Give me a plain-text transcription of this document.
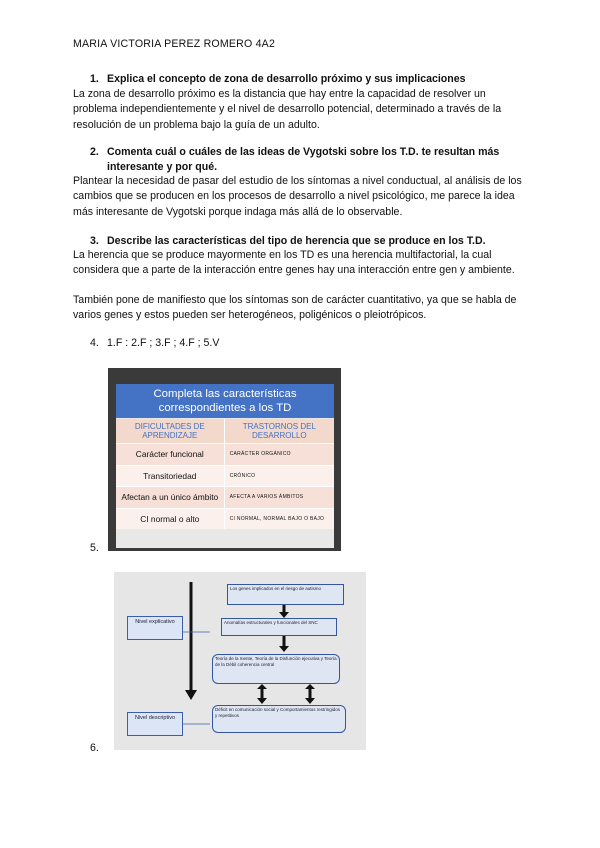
MARIA VICTORIA PEREZ ROMERO 4A2
1. Explica el concepto de zona de desarrollo próximo y sus implicaciones
La zona de desarrollo próximo es la distancia que hay entre la capacidad de resolver un problema independientemente y el nivel de desarrollo potencial, determinado a través de la resolución de un problema bajo la guía de un adulto.
2. Comenta cuál o cuáles de las ideas de Vygotski sobre los T.D. te resultan más interesante y por qué.
Plantear la necesidad de pasar del estudio de los síntomas a nivel conductual, al análisis de los cambios que se producen en los procesos de desarrollo a nivel psicológico, me parece la idea más interesante de Vygotski porque indaga más allá de lo observable.
3. Describe las características del tipo de herencia que se produce en los T.D.
La herencia que se produce mayormente en los TD es una herencia multifactorial, la cual considera que a parte de la interacción entre genes hay una interacción entre gen y ambiente.
También pone de manifiesto que los síntomas son de carácter cuantitativo, ya que se habla de varios genes y estos pueden ser heterogéneos, poligénicos o pleiotrópicos.
4. 1.F : 2.F ; 3.F ; 4.F ; 5.V
5.
Completa las características correspondientes a los TD
DIFICULTADES DE APRENDIZAJE	TRASTORNOS DEL DESARROLLO
Carácter funcional	CARÁCTER ORGÁNICO
Transitoriedad	CRÓNICO
Afectan a un único ámbito	AFECTA A VARIOS ÁMBITOS
CI normal o alto	CI NORMAL, NORMAL BAJO O BAJO
6.
Nivel explicativo
Nivel descriptivo
Los genes implicados en el riesgo de autismo
Anomalías estructurales y funcionales del SNC
Teoría de la mente, Teoría de la Disfunción ejecutiva y Teoría de la Débil coherencia central
Déficit en comunicación social y Comportamientos restringidos y repetitivos
